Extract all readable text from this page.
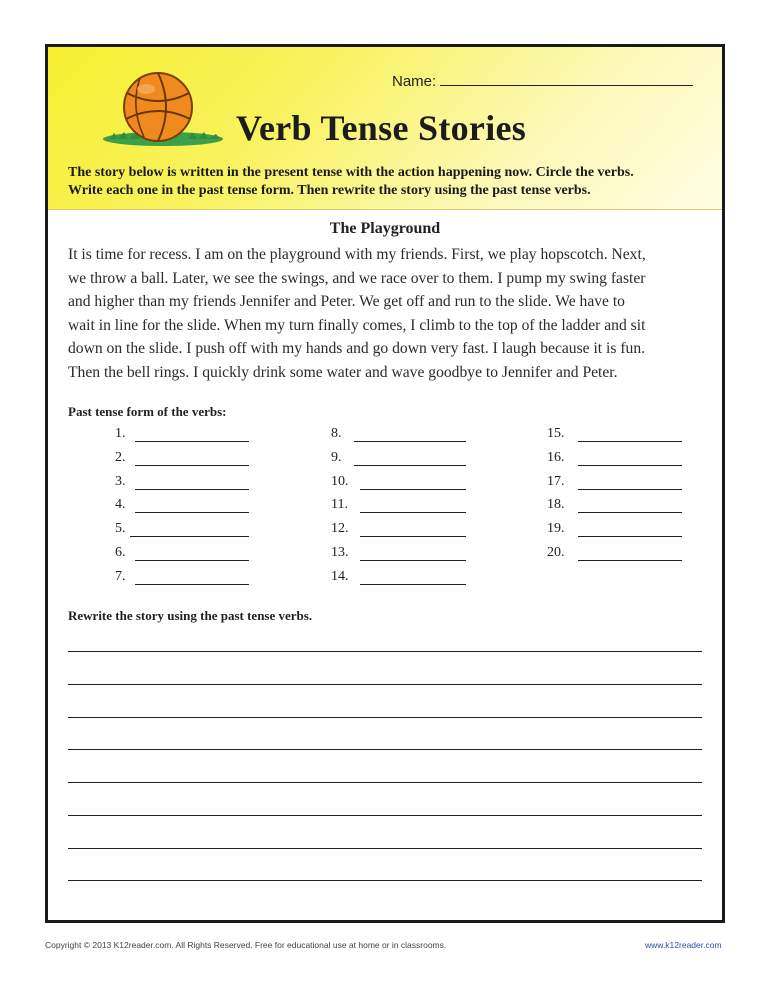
Name:
Verb Tense Stories
The story below is written in the present tense with the action happening now. Circle the verbs.
Write each one in the past tense form. Then rewrite the story using the past tense verbs.
The Playground

It is time for recess. I am on the playground with my friends. First, we play hopscotch. Next,

we throw a ball. Later, we see the swings, and we race over to them. I pump my swing faster

and higher than my friends Jennifer and Peter. We get off and run to the slide. We have to

wait in line for the slide. When my turn finally comes, I climb to the top of the ladder and sit

down on the slide. I push off with my hands and go down very fast. I laugh because it is fun.

Then the bell rings. I quickly drink some water and wave goodbye to Jennifer and Peter.

Past tense form of the verbs:
1.
2.
3.
4.
5.
6.
7.
8.
9.
10.
11.
12.
13.
14.
15.
16.
17.
18.
19.
20.
Rewrite the story using the past tense verbs.
Copyright © 2013 K12reader.com. All Rights Reserved. Free for educational use at home or in classrooms.	www.k12reader.com
